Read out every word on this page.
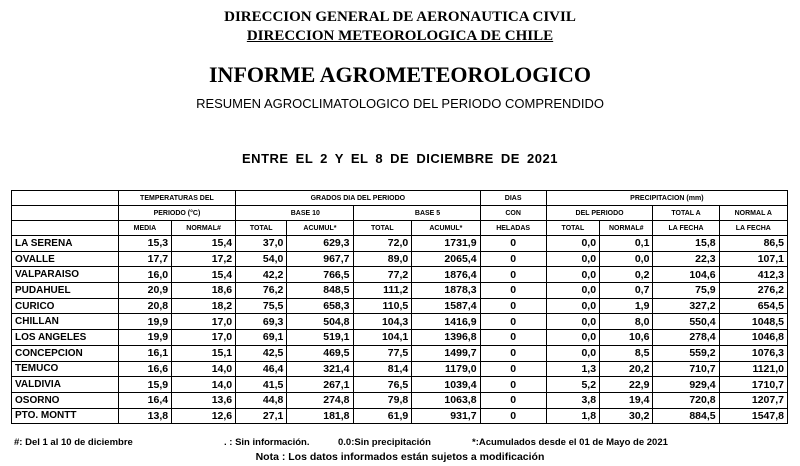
DIRECCION GENERAL DE AERONAUTICA CIVIL
DIRECCION METEOROLOGICA DE CHILE
INFORME AGROMETEOROLOGICO
RESUMEN AGROCLIMATOLOGICO DEL PERIODO COMPRENDIDO
ENTRE EL 2 Y EL 8 DE DICIEMBRE DE 2021
	TEMPERATURAS DEL		GRADOS DIA DEL PERIODO				DIAS	PRECIPITACION (mm)			
	PERIODO (°C)		BASE 10		BASE 5		CON	DEL PERIODO		TOTAL A	NORMAL A
	MEDIA	NORMAL#	TOTAL	ACUMUL*	TOTAL	ACUMUL*	HELADAS	TOTAL	NORMAL#	LA FECHA	LA FECHA
LA SERENA	15,3	15,4	37,0	629,3	72,0	1731,9	0	0,0	0,1	15,8	86,5
OVALLE	17,7	17,2	54,0	967,7	89,0	2065,4	0	0,0	0,0	22,3	107,1
VALPARAISO	16,0	15,4	42,2	766,5	77,2	1876,4	0	0,0	0,2	104,6	412,3
PUDAHUEL	20,9	18,6	76,2	848,5	111,2	1878,3	0	0,0	0,7	75,9	276,2
CURICO	20,8	18,2	75,5	658,3	110,5	1587,4	0	0,0	1,9	327,2	654,5
CHILLAN	19,9	17,0	69,3	504,8	104,3	1416,9	0	0,0	8,0	550,4	1048,5
LOS ANGELES	19,9	17,0	69,1	519,1	104,1	1396,8	0	0,0	10,6	278,4	1046,8
CONCEPCION	16,1	15,1	42,5	469,5	77,5	1499,7	0	0,0	8,5	559,2	1076,3
TEMUCO	16,6	14,0	46,4	321,4	81,4	1179,0	0	1,3	20,2	710,7	1121,0
VALDIVIA	15,9	14,0	41,5	267,1	76,5	1039,4	0	5,2	22,9	929,4	1710,7
OSORNO	16,4	13,6	44,8	274,8	79,8	1063,8	0	3,8	19,4	720,8	1207,7
PTO. MONTT	13,8	12,6	27,1	181,8	61,9	931,7	0	1,8	30,2	884,5	1547,8
#: Del 1 al 10 de diciembre	. : Sin información.	0.0:Sin precipitación	*:Acumulados desde el 01 de Mayo de 2021
Nota : Los datos informados están sujetos a modificación
